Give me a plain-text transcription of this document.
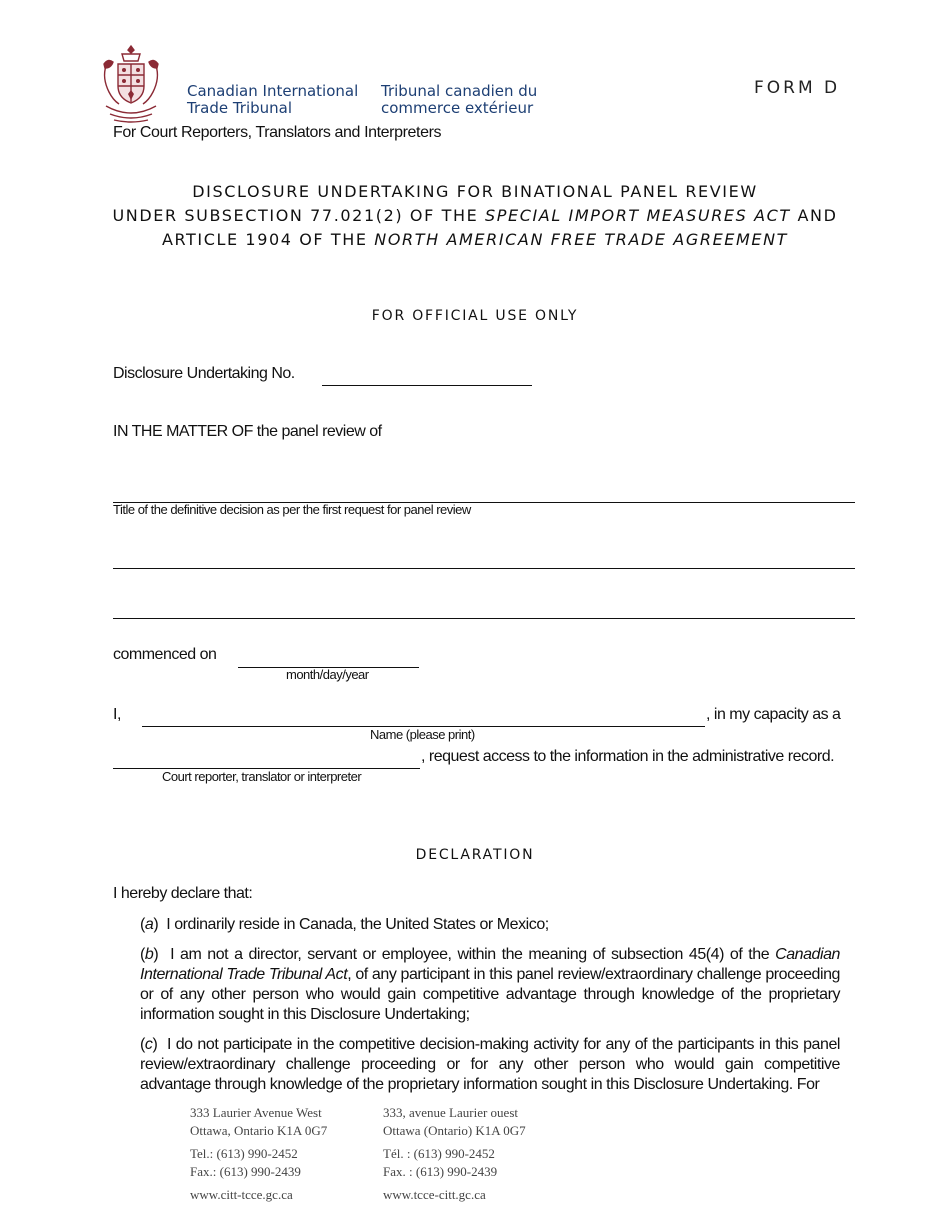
Canadian International
Trade Tribunal
Tribunal canadien du
commerce extérieur
FORM D
For Court Reporters, Translators and Interpreters
DISCLOSURE UNDERTAKING FOR BINATIONAL PANEL REVIEW
UNDER SUBSECTION 77.021(2) OF THE SPECIAL IMPORT MEASURES ACT AND
ARTICLE 1904 OF THE NORTH AMERICAN FREE TRADE AGREEMENT
FOR OFFICIAL USE ONLY
Disclosure Undertaking No.
IN THE MATTER OF the panel review of
Title of the definitive decision as per the first request for panel review
commenced on
month/day/year
I,	, in my capacity as a
Name (please print)
, request access to the information in the administrative record.
Court reporter, translator or interpreter
DECLARATION
I hereby declare that:
(a)  I ordinarily reside in Canada, the United States or Mexico;
(b)  I am not a director, servant or employee, within the meaning of subsection 45(4) of the Canadian International Trade Tribunal Act, of any participant in this panel review/extraordinary challenge proceeding or of any other person who would gain competitive advantage through knowledge of the proprietary information sought in this Disclosure Undertaking;
(c)  I do not participate in the competitive decision-making activity for any of the participants in this panel review/extraordinary challenge proceeding or for any other person who would gain competitive advantage through knowledge of the proprietary information sought in this Disclosure Undertaking. For
333 Laurier Avenue West
Ottawa, Ontario K1A 0G7
Tel.: (613) 990-2452
Fax.: (613) 990-2439
www.citt-tcce.gc.ca
333, avenue Laurier ouest
Ottawa (Ontario) K1A 0G7
Tél. : (613) 990-2452
Fax. : (613) 990-2439
www.tcce-citt.gc.ca
